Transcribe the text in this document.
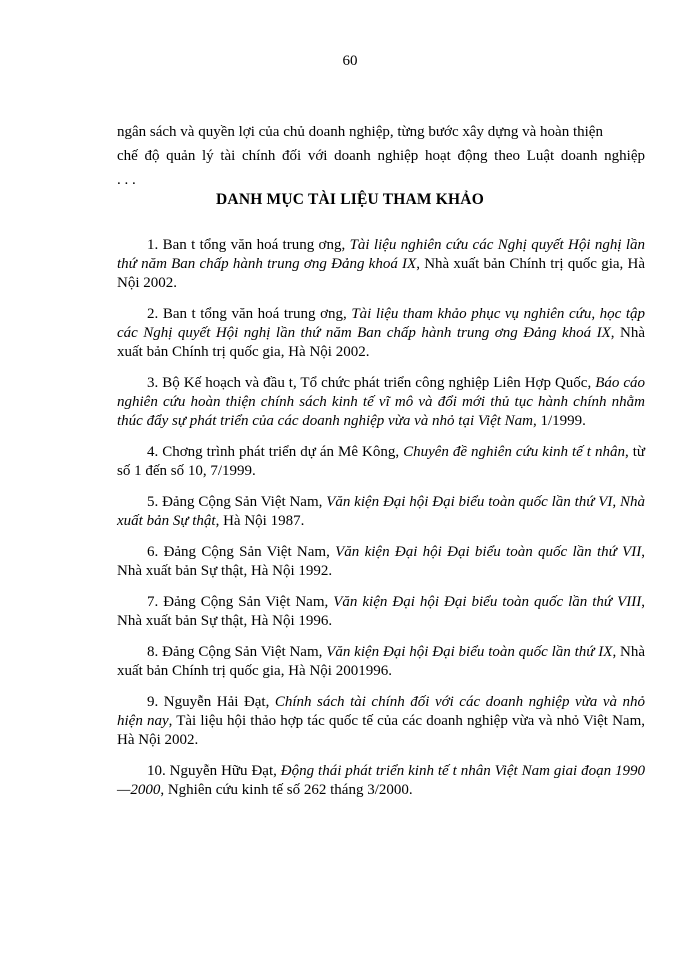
60

ngân sách và quyền lợi của chủ doanh nghiệp, từng bước xây dựng và hoàn thiện

chế độ quản lý tài chính đối với doanh nghiệp hoạt động theo Luật doanh nghiệp

. . .

DANH MỤC TÀI LIỆU THAM KHẢO
1. Ban t tổng văn hoá trung ơng, Tài liệu nghiên cứu các Nghị quyết Hội nghị lần thứ năm Ban chấp hành trung ơng Đảng khoá IX, Nhà xuất bản Chính trị quốc gia, Hà Nội 2002.
2. Ban t tổng văn hoá trung ơng, Tài liệu tham khảo phục vụ nghiên cứu, học tập các Nghị quyết Hội nghị lần thứ năm Ban chấp hành trung ơng Đảng khoá IX, Nhà xuất bản Chính trị quốc gia, Hà Nội 2002.
3. Bộ Kế hoạch và đầu t, Tổ chức phát triển công nghiệp Liên Hợp Quốc, Báo cáo nghiên cứu hoàn thiện chính sách kinh tế vĩ mô và đổi mới thủ tục hành chính nhằm thúc đẩy sự phát triển của các doanh nghiệp vừa và nhỏ tại Việt Nam, 1/1999.
4. Chơng trình phát triển dự án Mê Kông, Chuyên đề nghiên cứu kinh tế t nhân, từ số 1 đến số 10, 7/1999.
5. Đảng Cộng Sản Việt Nam, Văn kiện Đại hội Đại biểu toàn quốc lần thứ VI, Nhà xuất bản Sự thật, Hà Nội 1987.
6. Đảng Cộng Sản Việt Nam, Văn kiện Đại hội Đại biểu toàn quốc lần thứ VII, Nhà xuất bản Sự thật, Hà Nội 1992.
7. Đảng Cộng Sản Việt Nam, Văn kiện Đại hội Đại biểu toàn quốc lần thứ VIII, Nhà xuất bản Sự thật, Hà Nội 1996.
8. Đảng Cộng Sản Việt Nam, Văn kiện Đại hội Đại biểu toàn quốc lần thứ IX, Nhà xuất bản Chính trị quốc gia, Hà Nội 2001996.
9. Nguyễn Hải Đạt, Chính sách tài chính đối với các doanh nghiệp vừa và nhỏ hiện nay, Tài liệu hội thảo hợp tác quốc tế của các doanh nghiệp vừa và nhỏ Việt Nam, Hà Nội 2002.
10. Nguyễn Hữu Đạt, Động thái phát triển kinh tế t nhân Việt Nam giai đoạn 1990 —2000, Nghiên cứu kinh tế số 262 tháng 3/2000.
